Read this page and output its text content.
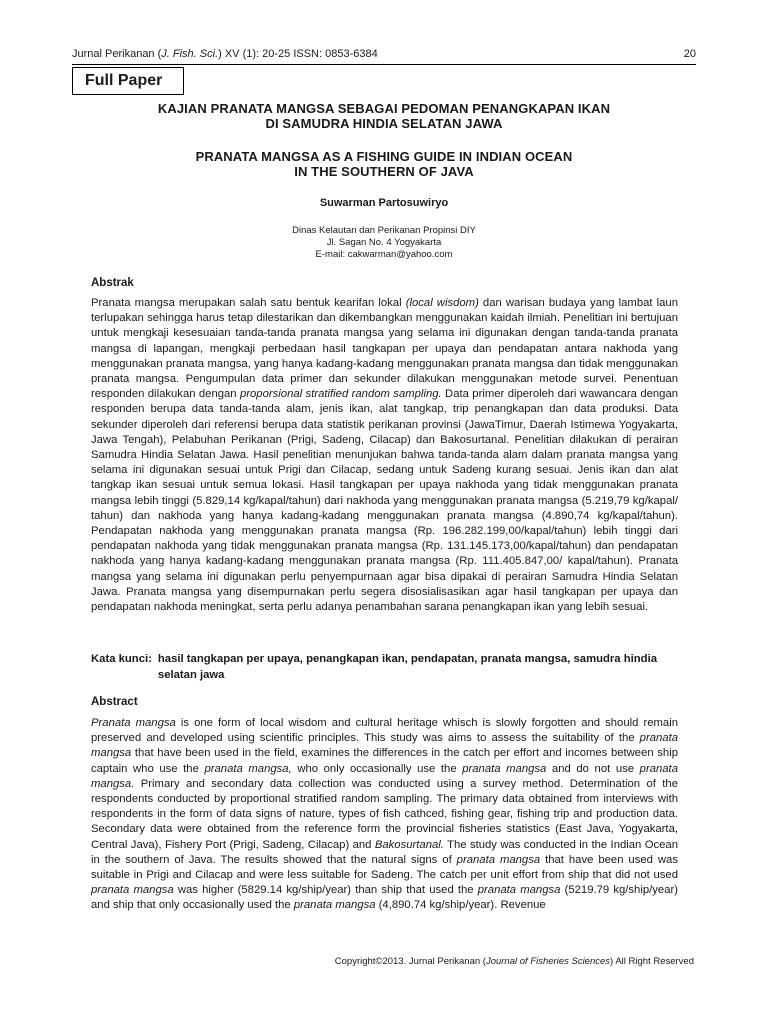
Jurnal Perikanan (J. Fish. Sci.) XV (1): 20-25 ISSN: 0853-6384	20
Full Paper
KAJIAN PRANATA MANGSA SEBAGAI PEDOMAN PENANGKAPAN IKAN
DI SAMUDRA HINDIA SELATAN JAWA
PRANATA MANGSA AS A FISHING GUIDE IN INDIAN OCEAN
IN THE SOUTHERN OF JAVA
Suwarman Partosuwiryo
Dinas Kelautan dan Perikanan Propinsi DIY
Jl. Sagan No. 4 Yogyakarta
E-mail: cakwarman@yahoo.com
Abstrak
Pranata mangsa merupakan salah satu bentuk kearifan lokal (local wisdom) dan warisan budaya yang lambat laun terlupakan sehingga harus tetap dilestarikan dan dikembangkan menggunakan kaidah ilmiah. Penelitian ini bertujuan untuk mengkaji kesesuaian tanda-tanda pranata mangsa yang selama ini digunakan dengan tanda-tanda pranata mangsa di lapangan, mengkaji perbedaan hasil tangkapan per upaya dan pendapatan antara nakhoda yang menggunakan pranata mangsa, yang hanya kadang-kadang menggunakan pranata mangsa dan tidak menggunakan pranata mangsa. Pengumpulan data primer dan sekunder dilakukan menggunakan metode survei. Penentuan responden dilakukan dengan proporsional stratified random sampling. Data primer diperoleh dari wawancara dengan responden berupa data tanda-tanda alam, jenis ikan, alat tangkap, trip penangkapan dan data produksi. Data sekunder diperoleh dari referensi berupa data statistik perikanan provinsi (JawaTimur, Daerah Istimewa Yogyakarta, Jawa Tengah), Pelabuhan Perikanan (Prigi, Sadeng, Cilacap) dan Bakosurtanal. Penelitian dilakukan di perairan Samudra Hindia Selatan Jawa. Hasil penelitian menunjukan bahwa tanda-tanda alam dalam pranata mangsa yang selama ini digunakan sesuai untuk Prigi dan Cilacap, sedang untuk Sadeng kurang sesuai. Jenis ikan dan alat tangkap ikan sesuai untuk semua lokasi. Hasil tangkapan per upaya nakhoda yang tidak menggunakan pranata mangsa lebih tinggi (5.829,14 kg/kapal/tahun) dari nakhoda yang menggunakan pranata mangsa (5.219,79 kg/kapal/ tahun) dan nakhoda yang hanya kadang-kadang menggunakan pranata mangsa (4.890,74 kg/kapal/tahun). Pendapatan nakhoda yang menggunakan pranata mangsa (Rp. 196.282.199,00/kapal/tahun) lebih tinggi dari pendapatan nakhoda yang tidak menggunakan pranata mangsa (Rp. 131.145.173,00/kapal/tahun) dan pendapatan nakhoda yang hanya kadang-kadang menggunakan pranata mangsa (Rp. 111.405.847,00/ kapal/tahun). Pranata mangsa yang selama ini digunakan perlu penyempurnaan agar bisa dipakai di perairan Samudra Hindia Selatan Jawa. Pranata mangsa yang disempurnakan perlu segera disosialisasikan agar hasil tangkapan per upaya dan pendapatan nakhoda meningkat, serta perlu adanya penambahan sarana penangkapan ikan yang lebih sesuai.
Kata kunci: hasil tangkapan per upaya, penangkapan ikan, pendapatan, pranata mangsa, samudra hindia selatan jawa
Abstract
Pranata mangsa is one form of local wisdom and cultural heritage whisch is slowly forgotten and should remain preserved and developed using scientific principles. This study was aims to assess the suitability of the pranata mangsa that have been used in the field, examines the differences in the catch per effort and incomes between ship captain who use the pranata mangsa, who only occasionally use the pranata mangsa and do not use pranata mangsa. Primary and secondary data collection was conducted using a survey method. Determination of the respondents conducted by proportional stratified random sampling. The primary data obtained from interviews with respondents in the form of data signs of nature, types of fish cathced, fishing gear, fishing trip and production data. Secondary data were obtained from the reference form the provincial fisheries statistics (East Java, Yogyakarta, Central Java), Fishery Port (Prigi, Sadeng, Cilacap) and Bakosurtanal. The study was conducted in the Indian Ocean in the southern of Java. The results showed that the natural signs of pranata mangsa that have been used was suitable in Prigi and Cilacap and were less suitable for Sadeng. The catch per unit effort from ship that did not used pranata mangsa was higher (5829.14 kg/ship/year) than ship that used the pranata mangsa (5219.79 kg/ship/year) and ship that only occasionally used the pranata mangsa (4,890.74 kg/ship/year). Revenue
Copyright©2013. Jurnal Perikanan (Journal of Fisheries Sciences) All Right Reserved
